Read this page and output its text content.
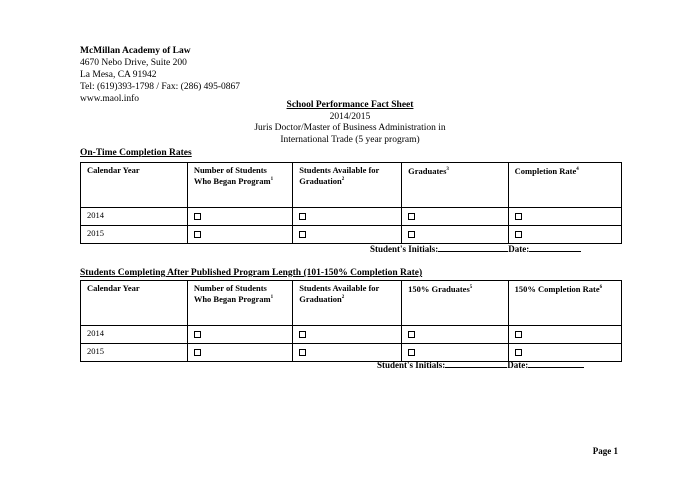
McMillan Academy of Law
4670 Nebo Drive, Suite 200
La Mesa, CA 91942
Tel: (619)393-1798 / Fax: (286) 495-0867
www.maol.info
School Performance Fact Sheet
2014/2015
Juris Doctor/Master of Business Administration in
International Trade (5 year program)
On-Time Completion Rates
Calendar Year	Number of Students Who Began Program$^1$	Students Available for Graduation$^2$	Graduates$^3$	Completion Rate$^4$
2014				
2015				
Student's Initials:	Date:
Students Completing After Published Program Length (101-150% Completion Rate)
Calendar Year	Number of Students Who Began Program$^1$	Students Available for Graduation$^2$	150% Graduates$^5$	150% Completion Rate$^6$
2014				
2015				
Student's Initials:	Date:
Page 1
